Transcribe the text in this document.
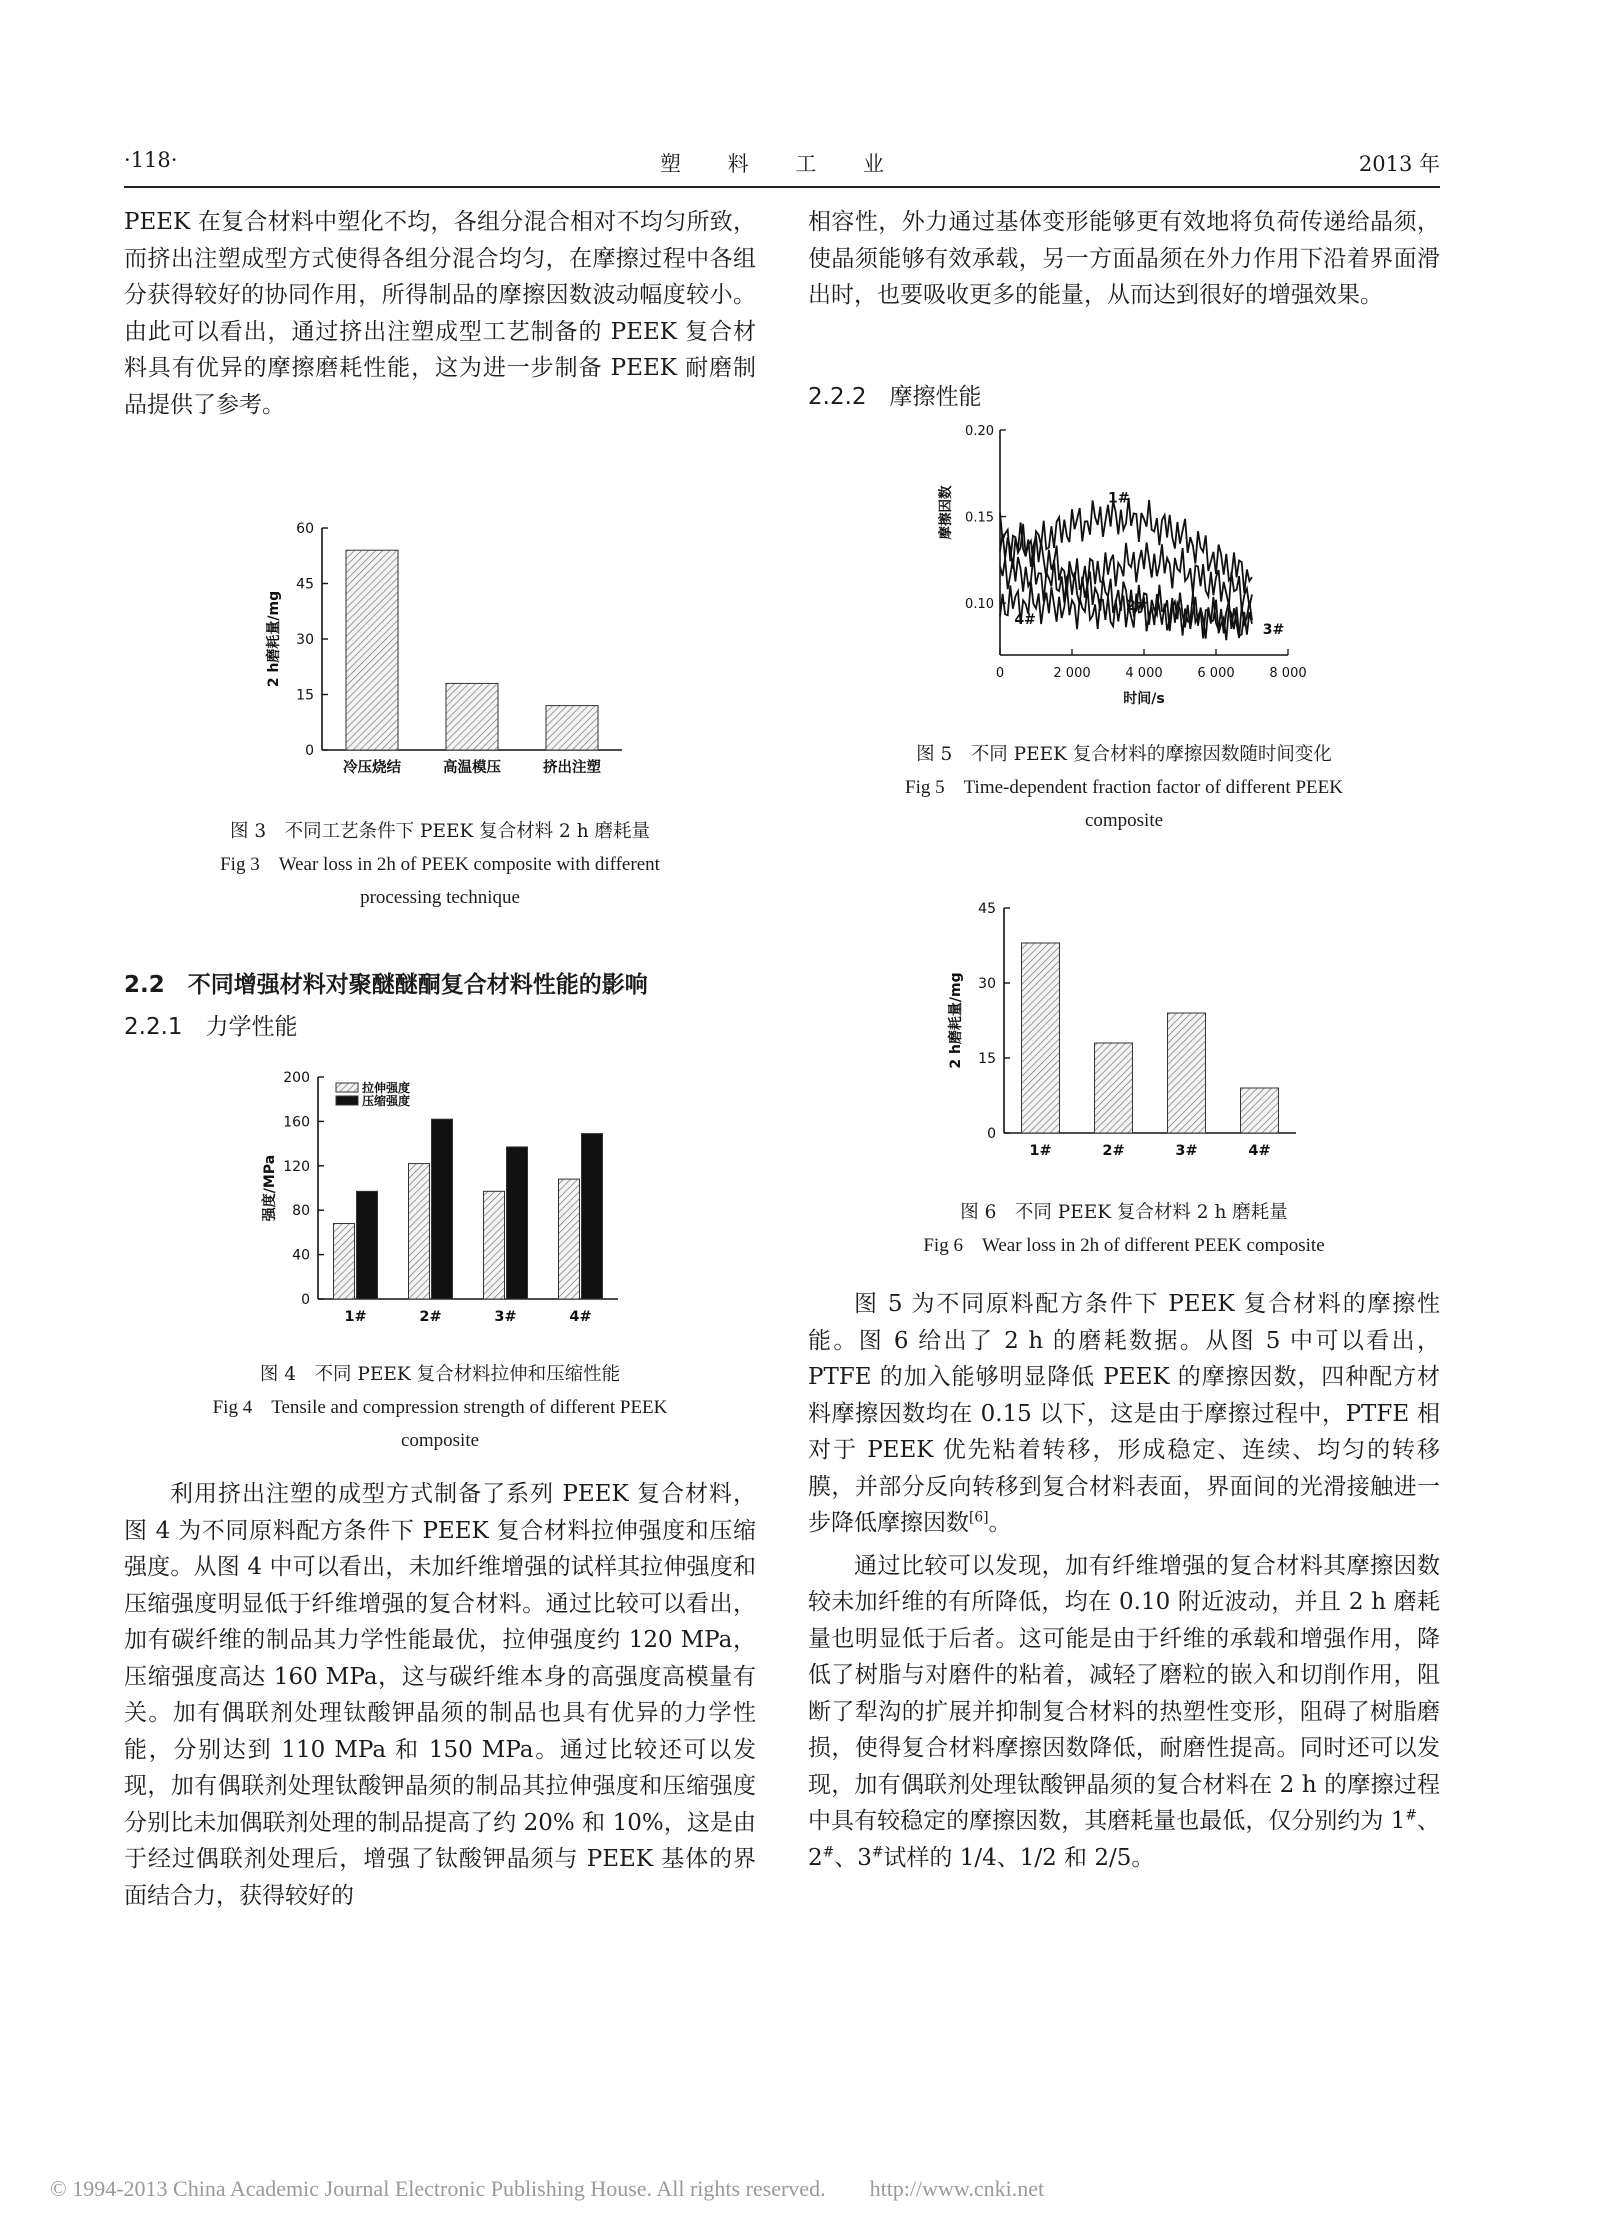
·118·	塑 料 工 业	2013 年

PEEK 在复合材料中塑化不均，各组分混合相对不均匀所致，而挤出注塑成型方式使得各组分混合均匀，在摩擦过程中各组分获得较好的协同作用，所得制品的摩擦因数波动幅度较小。由此可以看出，通过挤出注塑成型工艺制备的 PEEK 复合材料具有优异的摩擦磨耗性能，这为进一步制备 PEEK 耐磨制品提供了参考。

0
15
30
45
60
冷压烧结	高温模压	挤出注塑
2 h磨耗量/mg
图 3　不同工艺条件下 PEEK 复合材料 2 h 磨耗量
Fig 3　Wear loss in 2h of PEEK composite with different
processing technique
2.2　不同增强材料对聚醚醚酮复合材料性能的影响
2.2.1　力学性能
0
40
80
120
160
200
1#	2#	3#	4#
强度/MPa
拉伸强度
压缩强度
图 4　不同 PEEK 复合材料拉伸和压缩性能
Fig 4　Tensile and compression strength of different PEEK
composite

利用挤出注塑的成型方式制备了系列 PEEK 复合材料，图 4 为不同原料配方条件下 PEEK 复合材料拉伸强度和压缩强度。从图 4 中可以看出，未加纤维增强的试样其拉伸强度和压缩强度明显低于纤维增强的复合材料。通过比较可以看出，加有碳纤维的制品其力学性能最优，拉伸强度约 120 MPa，压缩强度高达 160 MPa，这与碳纤维本身的高强度高模量有关。加有偶联剂处理钛酸钾晶须的制品也具有优异的力学性能，分别达到 110 MPa 和 150 MPa。通过比较还可以发现，加有偶联剂处理钛酸钾晶须的制品其拉伸强度和压缩强度分别比未加偶联剂处理的制品提高了约 20% 和 10%，这是由于经过偶联剂处理后，增强了钛酸钾晶须与 PEEK 基体的界面结合力，获得较好的

相容性，外力通过基体变形能够更有效地将负荷传递给晶须，使晶须能够有效承载，另一方面晶须在外力作用下沿着界面滑出时，也要吸收更多的能量，从而达到很好的增强效果。

2.2.2　摩擦性能
0.10
0.15
0.20
0	2 000	4 000	6 000	8 000
1#
2#
3#
4#
摩擦因数
时间/s
图 5　不同 PEEK 复合材料的摩擦因数随时间变化
Fig 5　Time-dependent fraction factor of different PEEK
composite
0
15
30
45
1#	2#	3#	4#
2 h磨耗量/mg
图 6　不同 PEEK 复合材料 2 h 磨耗量
Fig 6　Wear loss in 2h of different PEEK composite

图 5 为不同原料配方条件下 PEEK 复合材料的摩擦性能。图 6 给出了 2 h 的磨耗数据。从图 5 中可以看出，PTFE 的加入能够明显降低 PEEK 的摩擦因数，四种配方材料摩擦因数均在 0.15 以下，这是由于摩擦过程中，PTFE 相对于 PEEK 优先粘着转移，形成稳定、连续、均匀的转移膜，并部分反向转移到复合材料表面，界面间的光滑接触进一步降低摩擦因数[6]。

通过比较可以发现，加有纤维增强的复合材料其摩擦因数较未加纤维的有所降低，均在 0.10 附近波动，并且 2 h 磨耗量也明显低于后者。这可能是由于纤维的承载和增强作用，降低了树脂与对磨件的粘着，减轻了磨粒的嵌入和切削作用，阻断了犁沟的扩展并抑制复合材料的热塑性变形，阻碍了树脂磨损，使得复合材料摩擦因数降低，耐磨性提高。同时还可以发现，加有偶联剂处理钛酸钾晶须的复合材料在 2 h 的摩擦过程中具有较稳定的摩擦因数，其磨耗量也最低，仅分别约为 1#、2#、3#试样的 1/4、1/2 和 2/5。

© 1994-2013 China Academic Journal Electronic Publishing House. All rights reserved.　　http://www.cnki.net
